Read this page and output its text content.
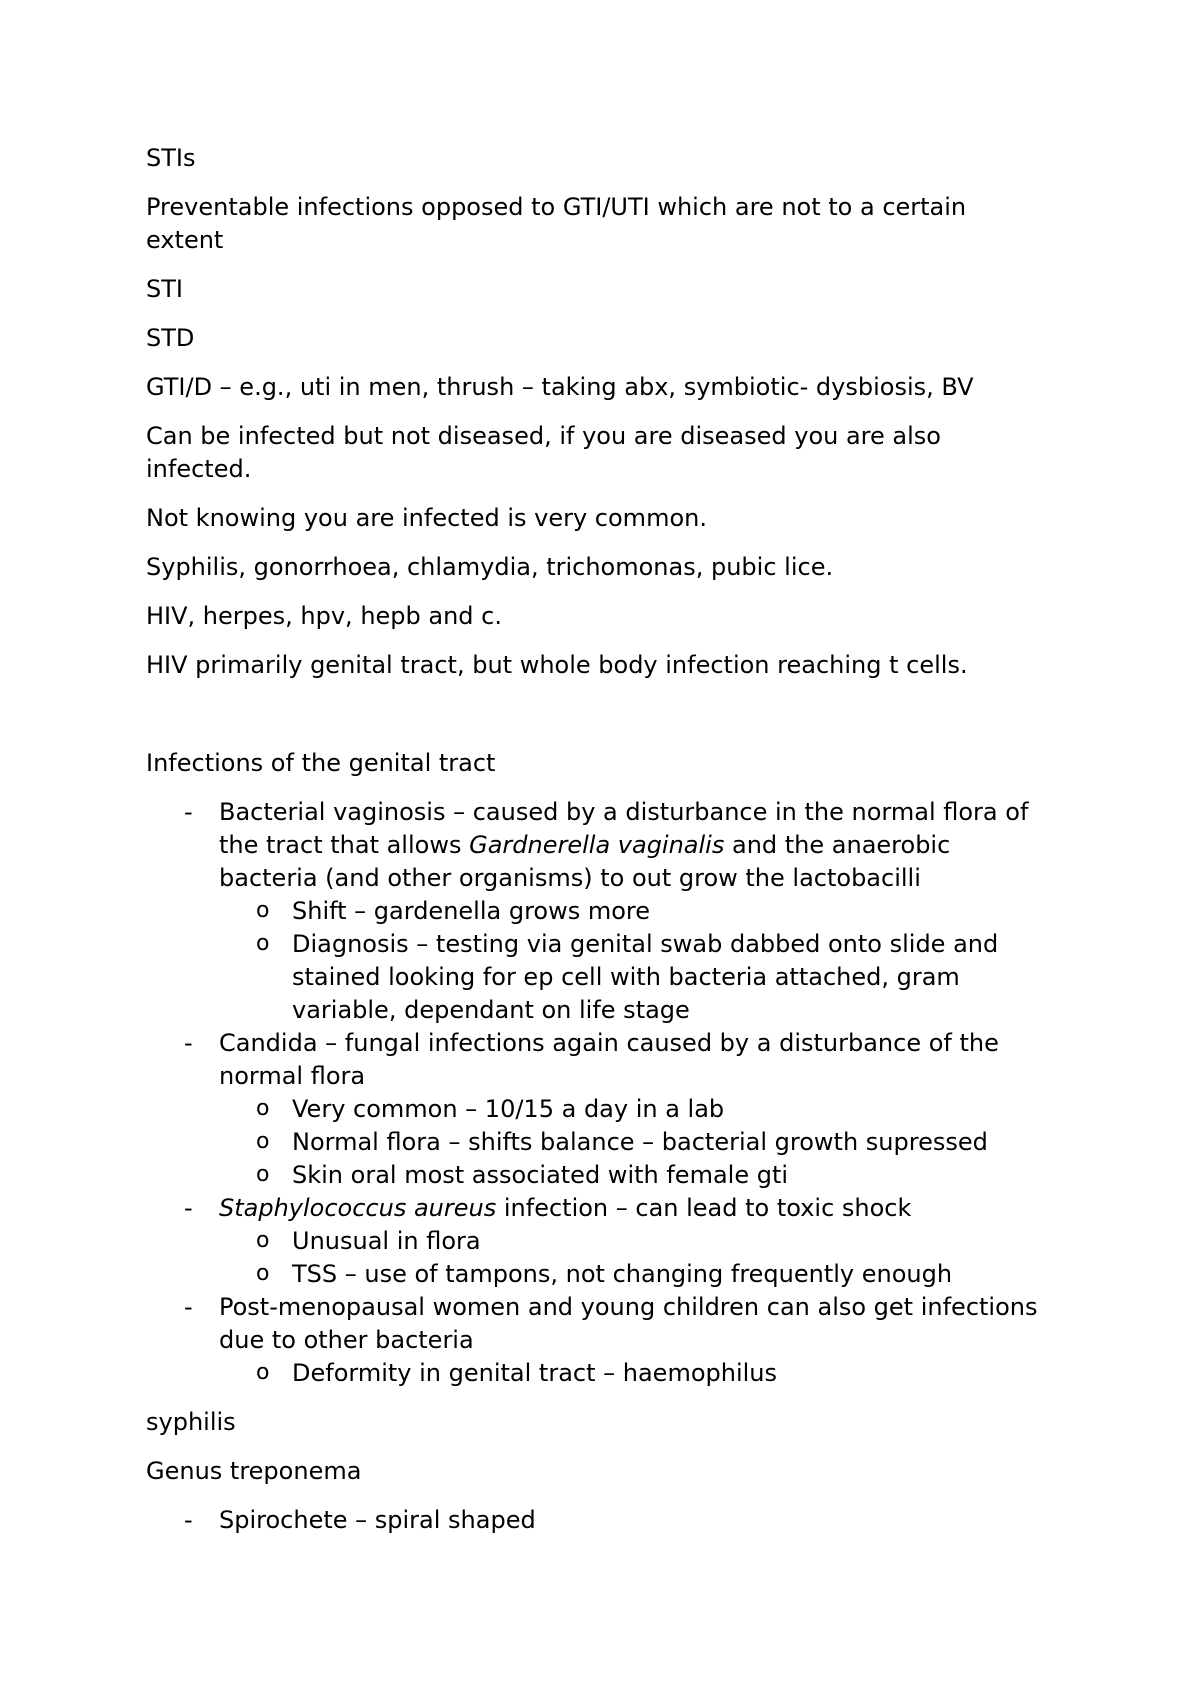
STIs

Preventable infections opposed to GTI/UTI which are not to a certain extent

STI

STD

GTI/D – e.g., uti in men, thrush – taking abx, symbiotic- dysbiosis, BV

Can be infected but not diseased, if you are diseased you are also infected.

Not knowing you are infected is very common.

Syphilis, gonorrhoea, chlamydia, trichomonas, pubic lice.

HIV, herpes, hpv, hepb and c.

HIV primarily genital tract, but whole body infection reaching t cells.

Infections of the genital tract

- Bacterial vaginosis – caused by a disturbance in the normal flora of the tract that allows Gardnerella vaginalis and the anaerobic bacteria (and other organisms) to out grow the lactobacilli
o Shift – gardenella grows more
o Diagnosis – testing via genital swab dabbed onto slide and stained looking for ep cell with bacteria attached, gram variable, dependant on life stage
- Candida – fungal infections again caused by a disturbance of the normal flora
o Very common – 10/15 a day in a lab
o Normal flora – shifts balance – bacterial growth supressed
o Skin oral most associated with female gti
- Staphylococcus aureus infection – can lead to toxic shock
o Unusual in flora
o TSS – use of tampons, not changing frequently enough
- Post-menopausal women and young children can also get infections due to other bacteria
o Deformity in genital tract – haemophilus

syphilis

Genus treponema

- Spirochete – spiral shaped
